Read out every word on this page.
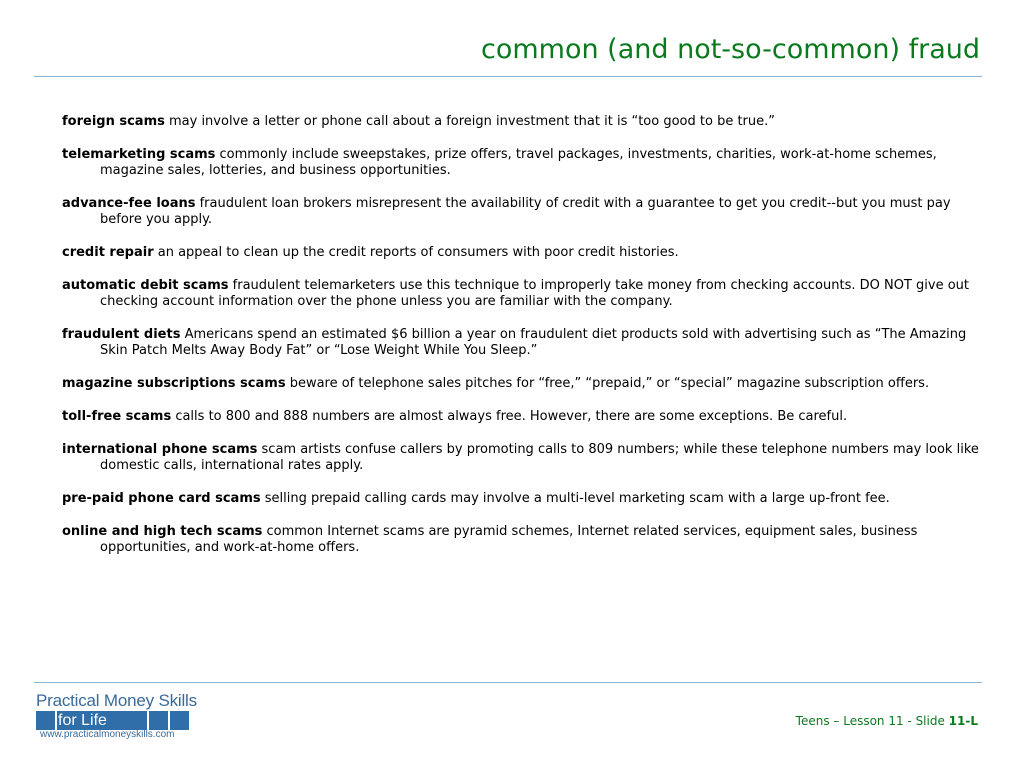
common (and not-so-common) fraud

foreign scams may involve a letter or phone call about a foreign investment that it is “too good to be true.”

telemarketing scams commonly include sweepstakes, prize offers, travel packages, investments, charities, work-at-home schemes, magazine sales, lotteries, and business opportunities.

advance-fee loans fraudulent loan brokers misrepresent the availability of credit with a guarantee to get you credit--but you must pay before you apply.

credit repair an appeal to clean up the credit reports of consumers with poor credit histories.

automatic debit scams fraudulent telemarketers use this technique to improperly take money from checking accounts. DO NOT give out checking account information over the phone unless you are familiar with the company.

fraudulent diets Americans spend an estimated $6 billion a year on fraudulent diet products sold with advertising such as “The Amazing Skin Patch Melts Away Body Fat” or “Lose Weight While You Sleep.”

magazine subscriptions scams beware of telephone sales pitches for “free,” “prepaid,” or “special” magazine subscription offers.

toll-free scams calls to 800 and 888 numbers are almost always free. However, there are some exceptions. Be careful.

international phone scams scam artists confuse callers by promoting calls to 809 numbers; while these telephone numbers may look like domestic calls, international rates apply.

pre-paid phone card scams selling prepaid calling cards may involve a multi-level marketing scam with a large up-front fee.

online and high tech scams common Internet scams are pyramid schemes, Internet related services, equipment sales, business opportunities, and work-at-home offers.

Practical Money Skills
for Life
www.practicalmoneyskills.com
Teens – Lesson 11 - Slide 11-L
